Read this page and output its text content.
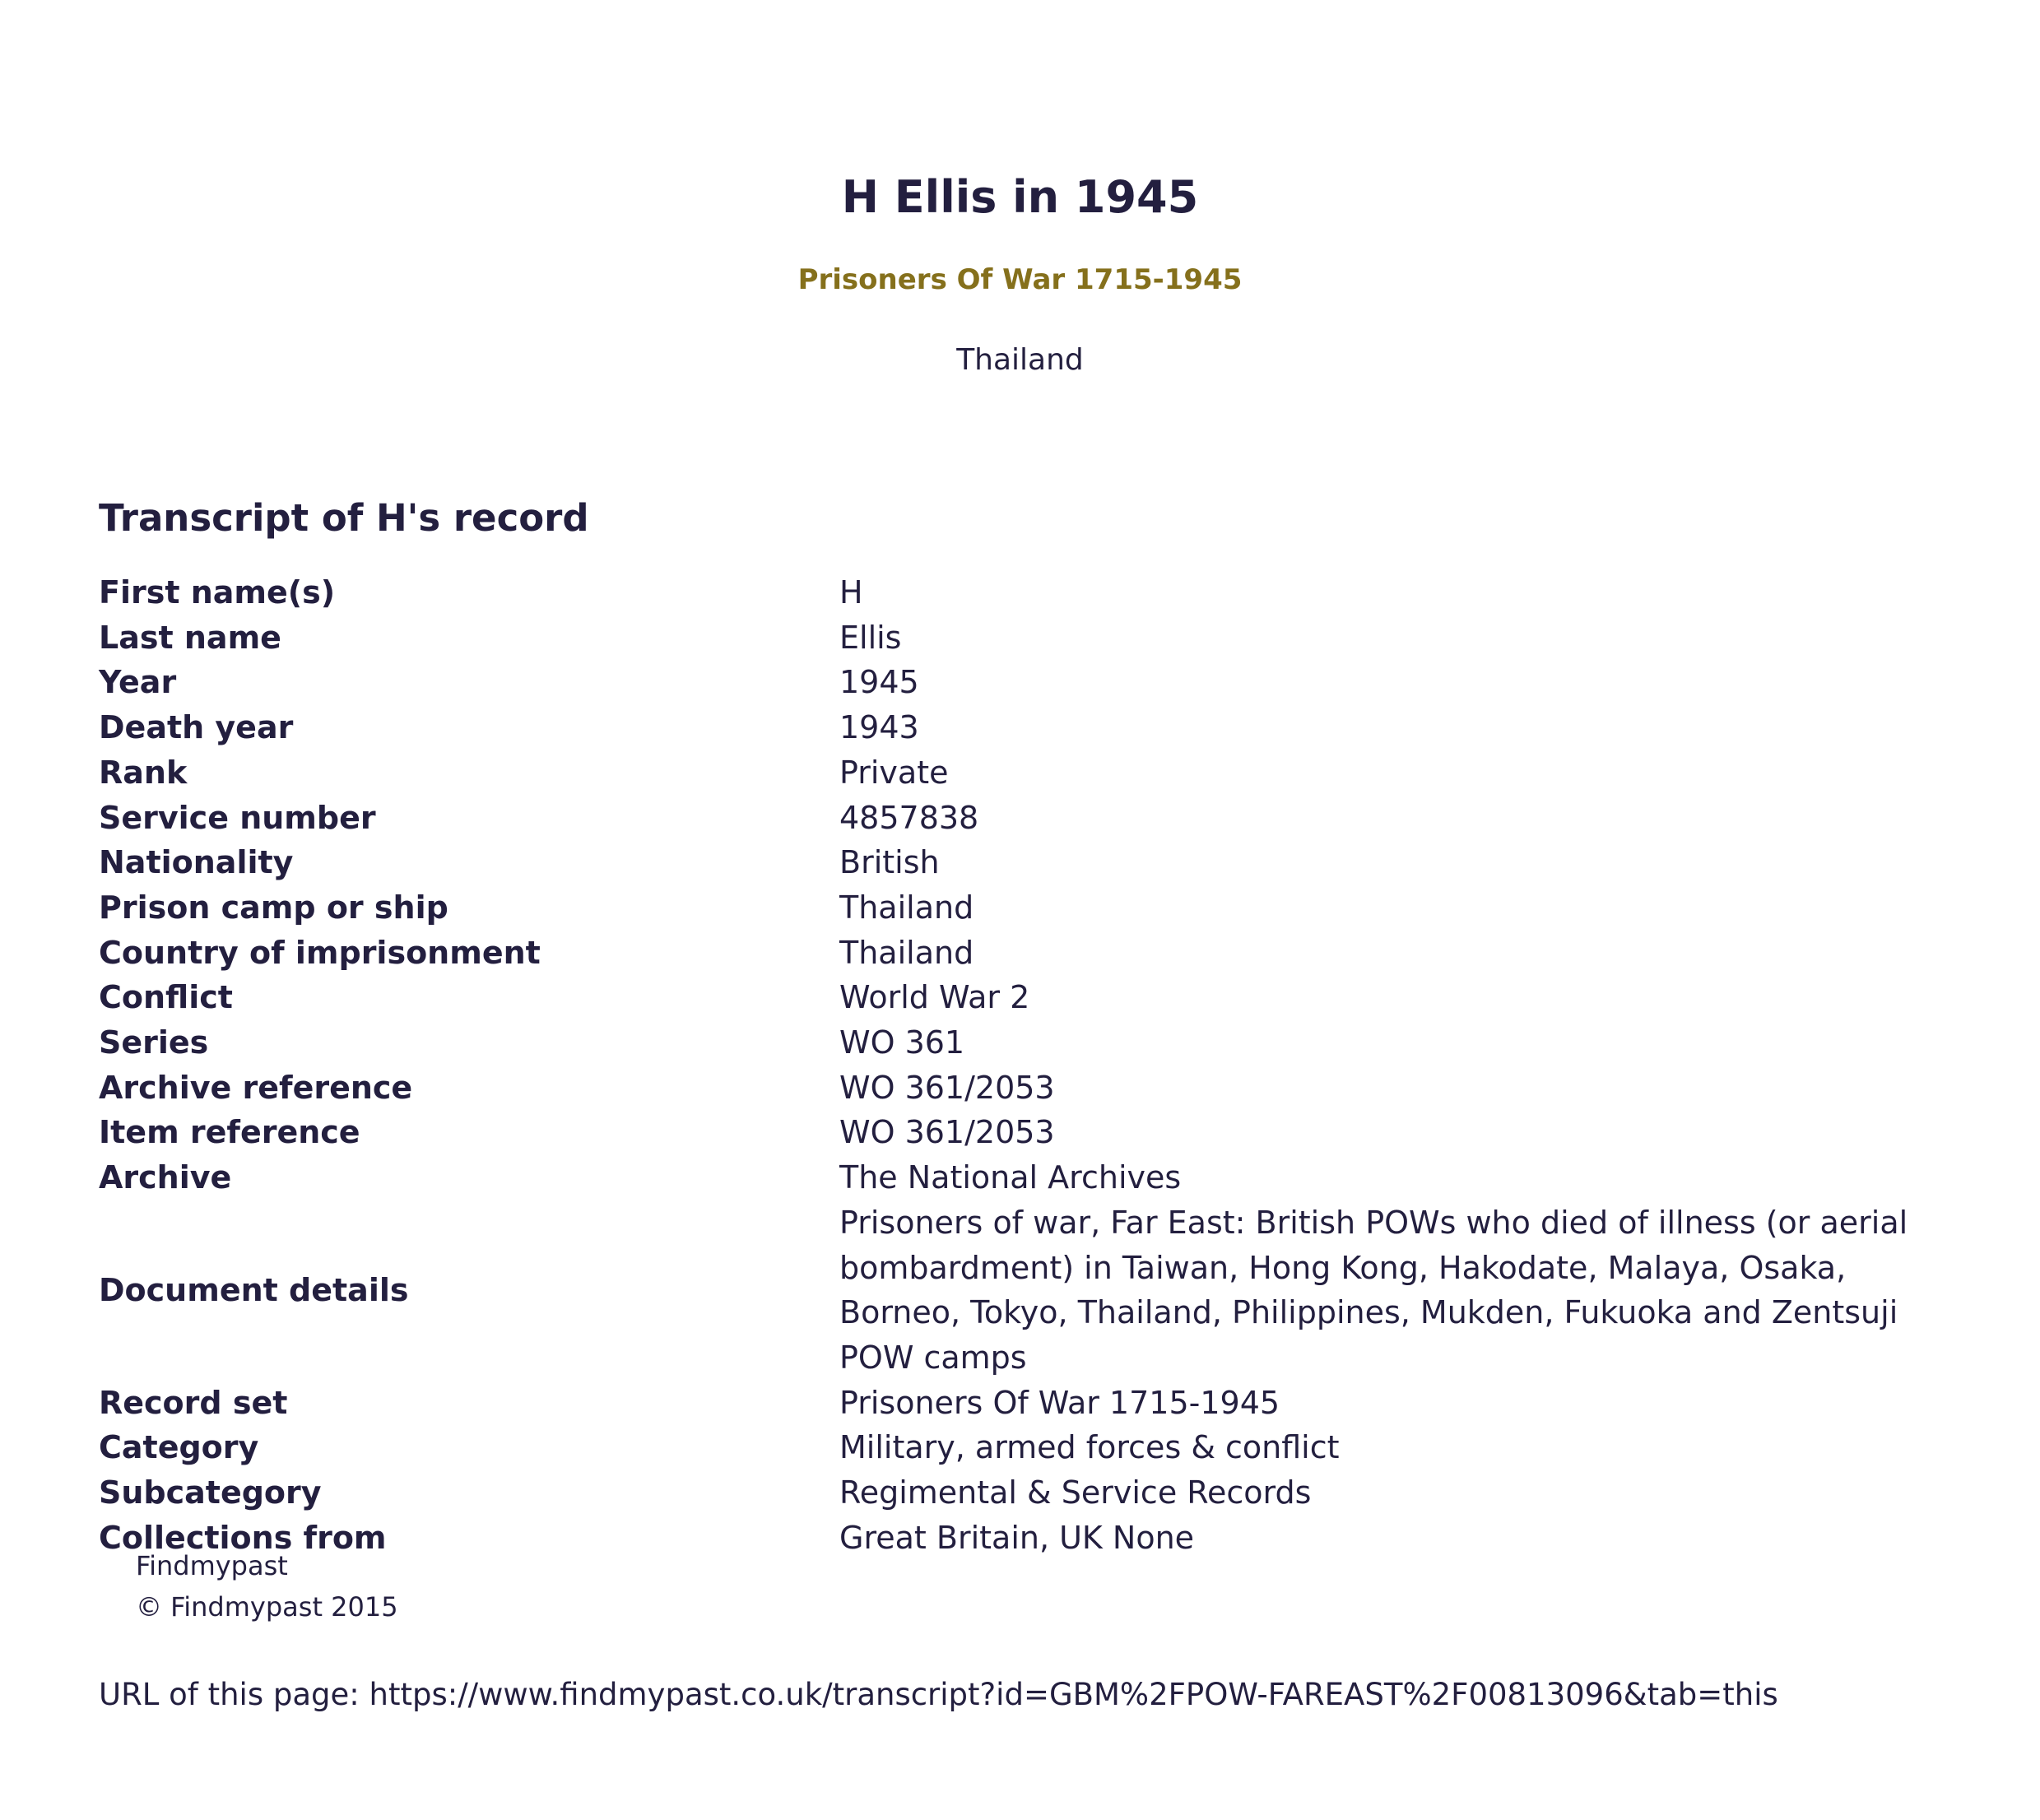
H Ellis in 1945
Prisoners Of War 1715-1945
Thailand
Transcript of H's record
First name(s)	H
Last name	Ellis
Year	1945
Death year	1943
Rank	Private
Service number	4857838
Nationality	British
Prison camp or ship	Thailand
Country of imprisonment	Thailand
Conflict	World War 2
Series	WO 361
Archive reference	WO 361/2053
Item reference	WO 361/2053
Archive	The National Archives
Document details	Prisoners of war, Far East: British POWs who died of illness (or aerial bombardment) in Taiwan, Hong Kong, Hakodate, Malaya, Osaka, Borneo, Tokyo, Thailand, Philippines, Mukden, Fukuoka and Zentsuji POW camps
Record set	Prisoners Of War 1715-1945
Category	Military, armed forces & conflict
Subcategory	Regimental & Service Records
Collections from	Great Britain, UK None
Findmypast
© Findmypast 2015
URL of this page: https://www.findmypast.co.uk/transcript?id=GBM%2FPOW-FAREAST%2F00813096&tab=this
